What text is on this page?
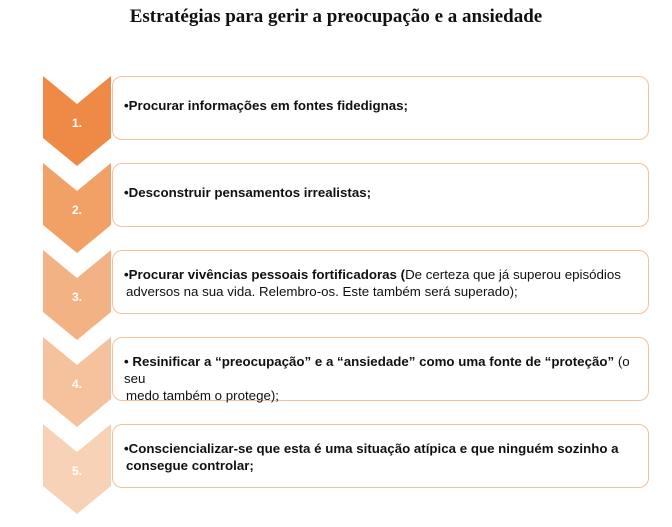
Estratégias para gerir a preocupação e a ansiedade
1.
•Procurar informações em fontes fidedignas;
2.
•Desconstruir pensamentos irrealistas;
3.
•Procurar vivências pessoais fortificadoras (De certeza que já superou episódios
adversos na sua vida. Relembro-os. Este também será superado);
4.
• Resinificar a “preocupação” e a “ansiedade” como uma fonte de “proteção” (o seu
medo também o protege);
5.
•Consciencializar-se que esta é uma situação atípica e que ninguém sozinho a
consegue controlar;
